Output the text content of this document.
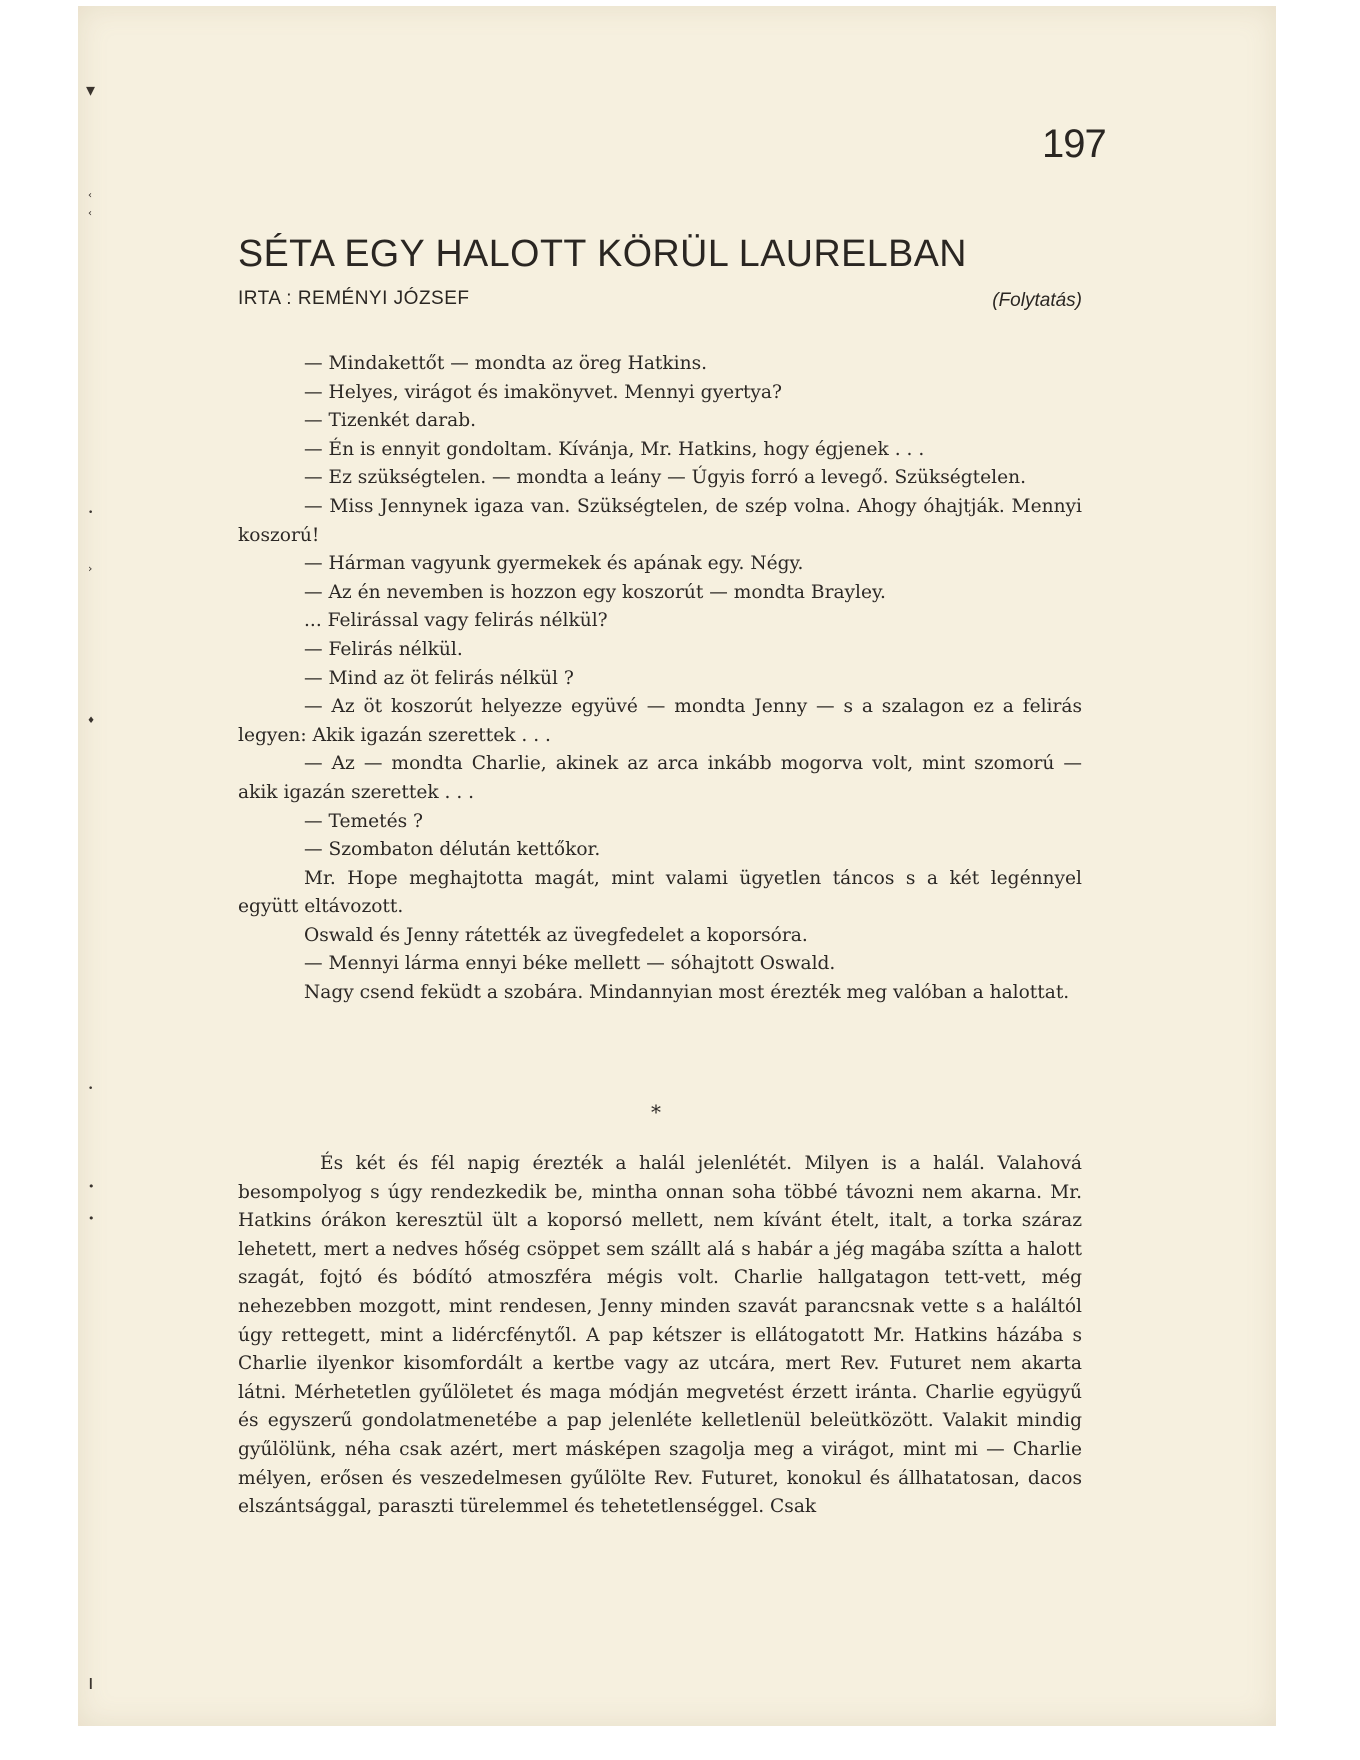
▾
‹
‹
•
›
♦
•
•
•
ı
197
SÉTA EGY HALOTT KÖRÜL LAURELBAN
IRTA : REMÉNYI JÓZSEF	(Folytatás)

— Mindakettőt — mondta az öreg Hatkins.

— Helyes, virágot és imakönyvet. Mennyi gyertya?

— Tizenkét darab.

— Én is ennyit gondoltam. Kívánja, Mr. Hatkins, hogy égjenek . . .

— Ez szükségtelen. — mondta a leány — Úgyis forró a levegő. Szükségtelen.

— Miss Jennynek igaza van. Szükségtelen, de szép volna. Ahogy óhajtják. Mennyi koszorú!

— Hárman vagyunk gyermekek és apának egy. Négy.

— Az én nevemben is hozzon egy koszorút — mondta Brayley.

... Felirással vagy felirás nélkül?

— Felirás nélkül.

— Mind az öt felirás nélkül ?

— Az öt koszorút helyezze együvé — mondta Jenny — s a szalagon ez a felirás legyen: Akik igazán szerettek . . .

— Az — mondta Charlie, akinek az arca inkább mogorva volt, mint szomorú — akik igazán szerettek . . .

— Temetés ?

— Szombaton délután kettőkor.

Mr. Hope meghajtotta magát, mint valami ügyetlen táncos s a két legénnyel együtt eltávozott.

Oswald és Jenny rátették az üvegfedelet a koporsóra.

— Mennyi lárma ennyi béke mellett — sóhajtott Oswald.

Nagy csend feküdt a szobára. Mindannyian most érezték meg valóban a halottat.

*

És két és fél napig érezték a halál jelenlétét. Milyen is a halál. Valahová besompolyog s úgy rendezkedik be, mintha onnan soha többé távozni nem akarna. Mr. Hatkins órákon keresztül ült a koporsó mellett, nem kívánt ételt, italt, a torka száraz lehetett, mert a nedves hőség csöppet sem szállt alá s habár a jég magába szítta a halott szagát, fojtó és bódító atmoszféra mégis volt. Charlie hallgatagon tett-vett, még nehezebben mozgott, mint rendesen, Jenny minden szavát parancsnak vette s a haláltól úgy rettegett, mint a lidércfénytől. A pap kétszer is ellátogatott Mr. Hatkins házába s Charlie ilyenkor kisomfordált a kertbe vagy az utcára, mert Rev. Futuret nem akarta látni. Mérhetetlen gyűlöletet és maga módján megvetést érzett iránta. Charlie együgyű és egyszerű gondolatmenetébe a pap jelenléte kelletlenül beleütközött. Valakit mindig gyűlölünk, néha csak azért, mert másképen szagolja meg a virágot, mint mi — Charlie mélyen, erősen és veszedelmesen gyűlölte Rev. Futuret, konokul és állhatatosan, dacos elszántsággal, paraszti türelemmel és tehetetlenséggel. Csak
